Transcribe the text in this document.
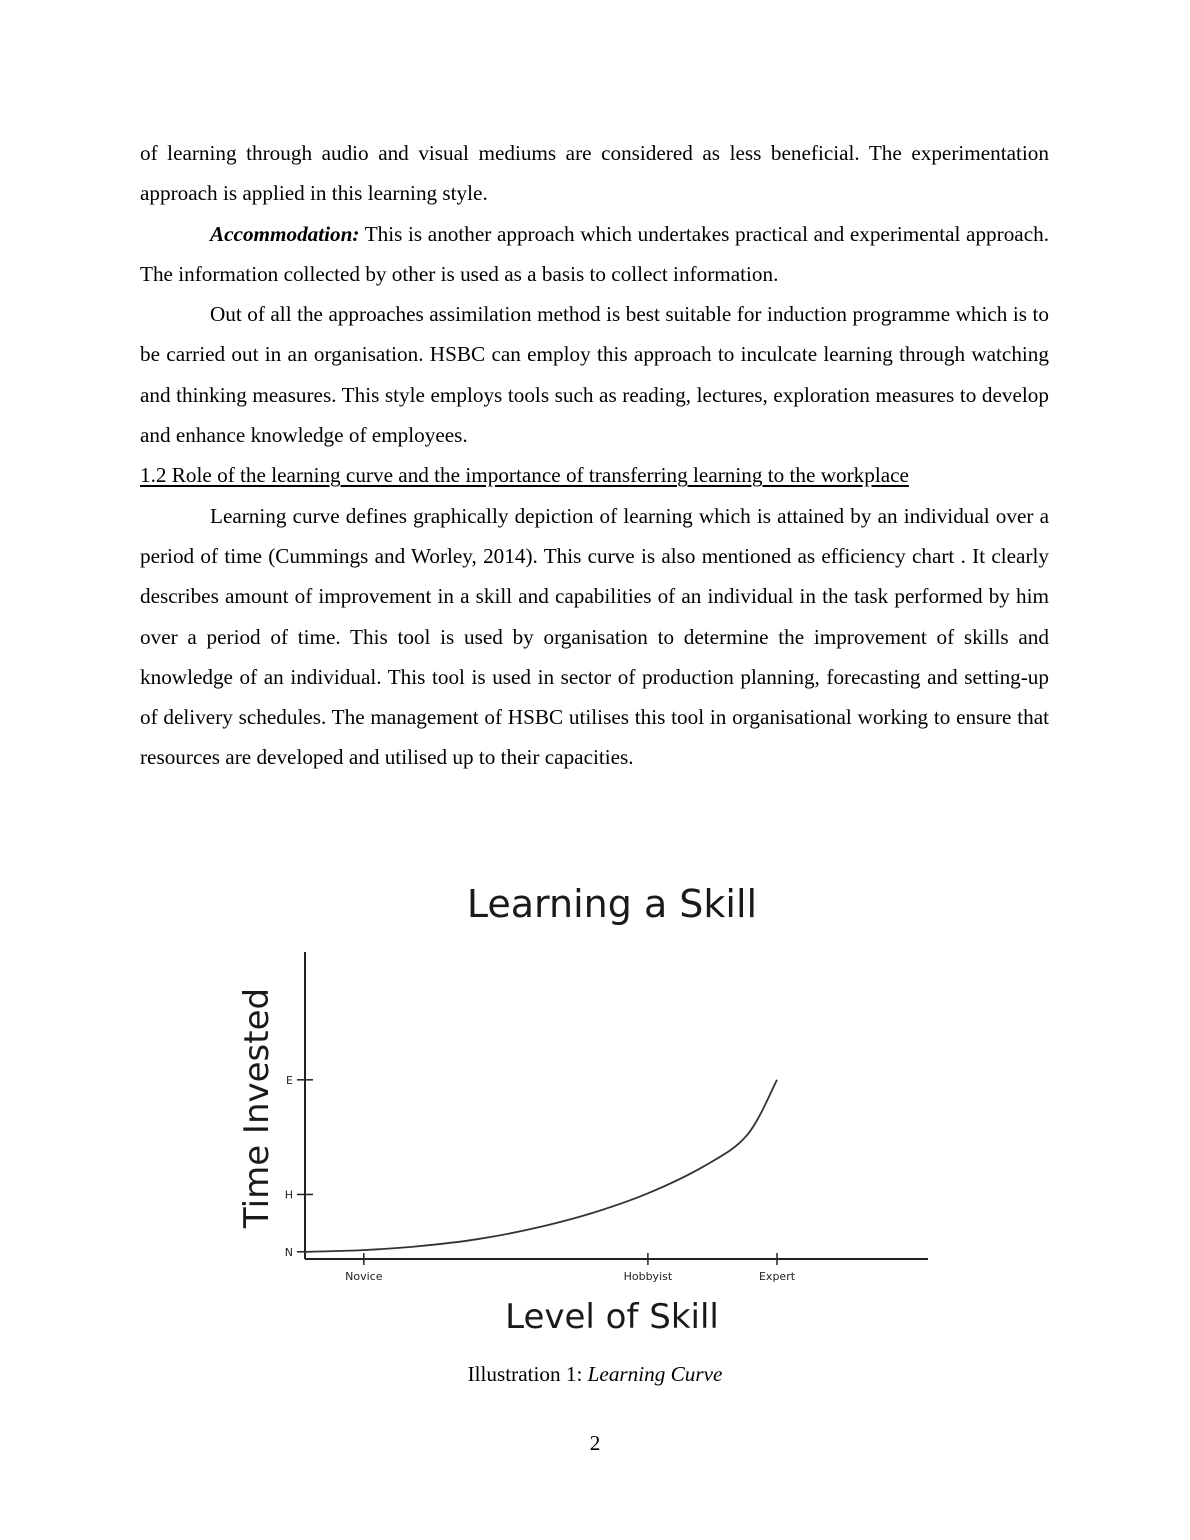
of learning through audio and visual mediums are considered as less beneficial. The experimentation approach is applied in this learning style.

Accommodation: This is another approach which undertakes practical and experimental approach. The information collected by other is used as a basis to collect information.

Out of all the approaches assimilation method is best suitable for induction programme which is to be carried out in an organisation. HSBC can employ this approach to inculcate learning through watching and thinking measures. This style employs tools such as reading, lectures, exploration measures to develop and enhance knowledge of employees.

1.2 Role of the learning curve and the importance of transferring learning to the workplace

Learning curve defines graphically depiction of learning which is attained by an individual over a period of time (Cummings and Worley, 2014). This curve is also mentioned as efficiency chart . It clearly describes amount of improvement in a skill and capabilities of an individual in the task performed by him over a period of time. This tool is used by organisation to determine the improvement of skills and knowledge of an individual. This tool is used in sector of production planning, forecasting and setting-up of delivery schedules. The management of HSBC utilises this tool in organisational working to ensure that resources are developed and utilised up to their capacities.

Learning a Skill
Time Invested
Level of Skill
Novice	Hobbyist	Expert
N
H
E
Illustration 1: Learning Curve
2
